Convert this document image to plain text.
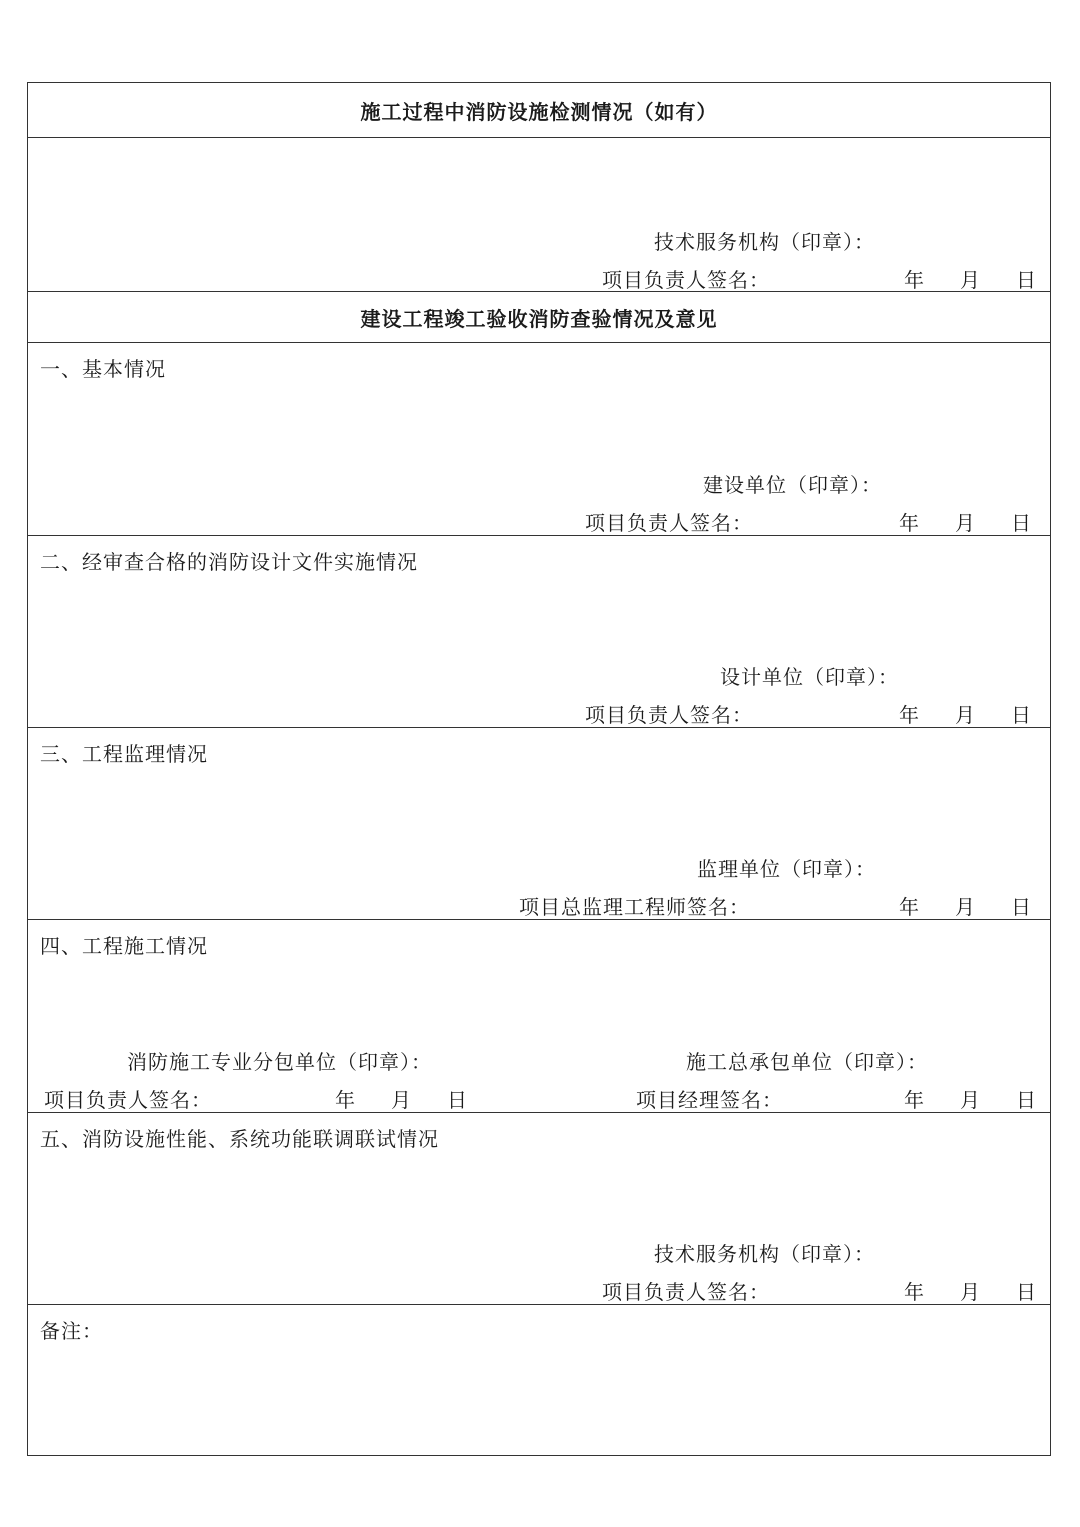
施工过程中消防设施检测情况（如有）
技术服务机构（印章）：
项目负责人签名：	年 月 日
建设工程竣工验收消防查验情况及意见
一、基本情况
建设单位（印章）：
项目负责人签名：	年 月 日
二、经审查合格的消防设计文件实施情况
设计单位（印章）：
项目负责人签名：	年 月 日
三、工程监理情况
监理单位（印章）：
项目总监理工程师签名：	年 月 日
四、工程施工情况
消防施工专业分包单位（印章）：
项目负责人签名：	年 月 日
施工总承包单位（印章）：
项目经理签名：	年 月 日
五、消防设施性能、系统功能联调联试情况
技术服务机构（印章）：
项目负责人签名：	年 月 日
备注：
